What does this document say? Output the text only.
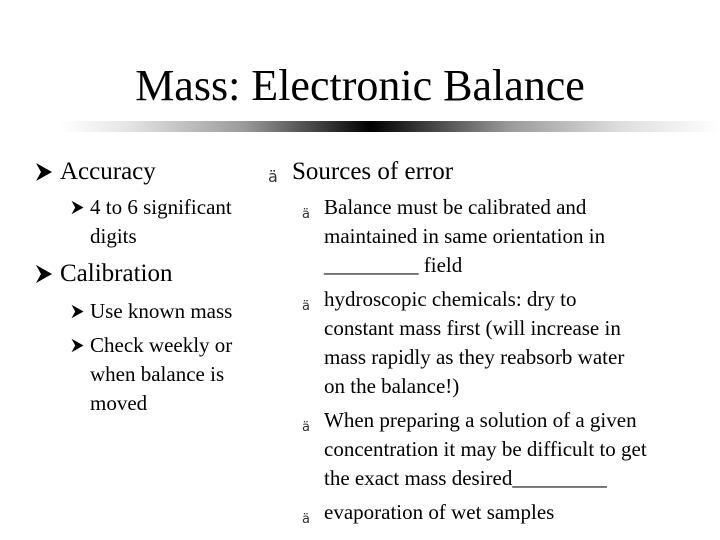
Mass: Electronic Balance
Accuracy
4 to 6 significant
digits
Calibration
Use known mass
Check weekly or
when balance is
moved
ä Sources of error
ä Balance must be calibrated and
maintained in same orientation in
_________ field
ä hydroscopic chemicals: dry to
constant mass first (will increase in
mass rapidly as they reabsorb water
on the balance!)
ä When preparing a solution of a given
concentration it may be difficult to get
the exact mass desired_________
ä evaporation of wet samples
